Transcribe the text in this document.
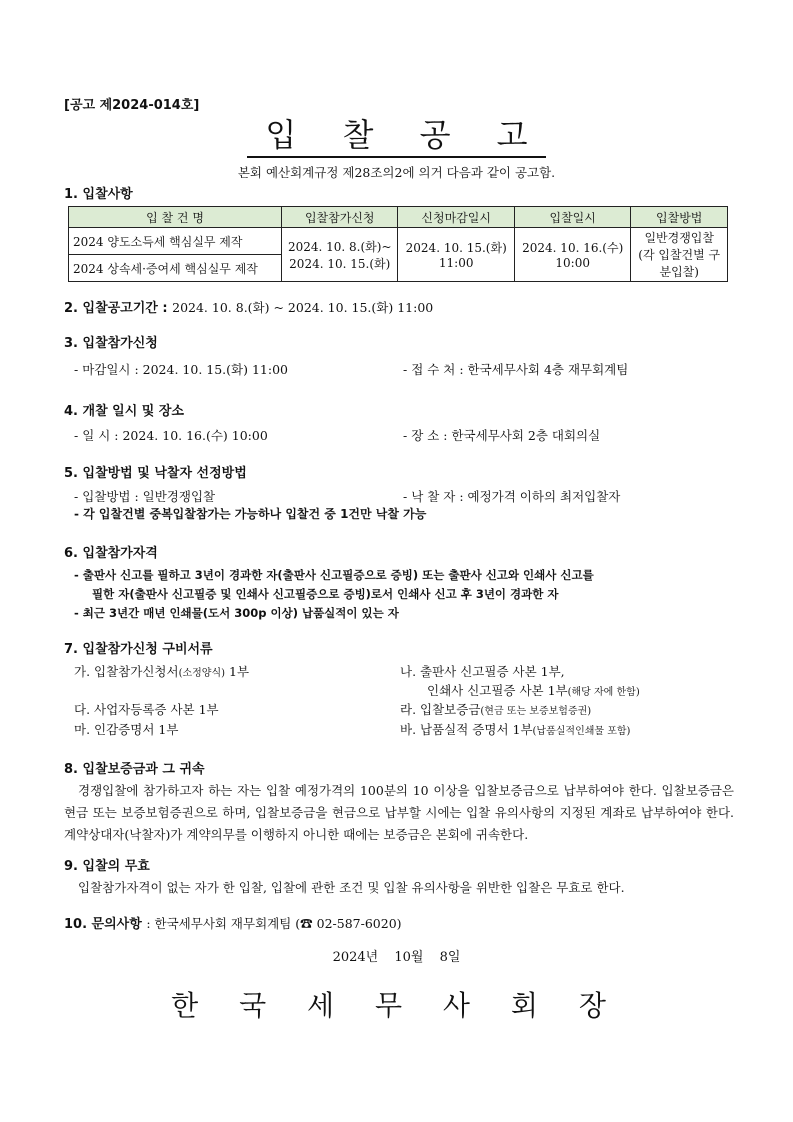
[공고 제2024-014호]
입 찰 공 고
본회 예산회계규정 제28조의2에 의거 다음과 같이 공고함.
1. 입찰사항
입 찰 건 명	입찰참가신청	신청마감일시	입찰일시	입찰방법
2024 양도소득세 핵심실무 제작	2024. 10. 8.(화)~ 2024. 10. 15.(화)	2024. 10. 15.(화) 11:00	2024. 10. 16.(수) 10:00	일반경쟁입찰 (각 입찰건별 구분입찰)
2024 상속세·증여세 핵심실무 제작				
2. 입찰공고기간 : 2024. 10. 8.(화) ~ 2024. 10. 15.(화) 11:00
3. 입찰참가신청
- 마감일시 : 2024. 10. 15.(화) 11:00	- 접 수 처 : 한국세무사회 4층 재무회계팀
4. 개찰 일시 및 장소
- 일 시 : 2024. 10. 16.(수) 10:00	- 장 소 : 한국세무사회 2층 대회의실
5. 입찰방법 및 낙찰자 선정방법
- 입찰방법 : 일반경쟁입찰	- 낙 찰 자 : 예정가격 이하의 최저입찰자
- 각 입찰건별 중복입찰참가는 가능하나 입찰건 중 1건만 낙찰 가능
6. 입찰참가자격
- 출판사 신고를 필하고 3년이 경과한 자(출판사 신고필증으로 증빙) 또는 출판사 신고와 인쇄사 신고를
필한 자(출판사 신고필증 및 인쇄사 신고필증으로 증빙)로서 인쇄사 신고 후 3년이 경과한 자
- 최근 3년간 매년 인쇄물(도서 300p 이상) 납품실적이 있는 자
7. 입찰참가신청 구비서류
가. 입찰참가신청서(소정양식) 1부	나. 출판사 신고필증 사본 1부,
인쇄사 신고필증 사본 1부(해당 자에 한함)
다. 사업자등록증 사본 1부	라. 입찰보증금(현금 또는 보증보험증권)
마. 인감증명서 1부	바. 납품실적 증명서 1부(납품실적인쇄물 포함)
8. 입찰보증금과 그 귀속
경쟁입찰에 참가하고자 하는 자는 입찰 예정가격의 100분의 10 이상을 입찰보증금으로 납부하여야 한다. 입찰보증금은 현금 또는 보증보험증권으로 하며, 입찰보증금을 현금으로 납부할 시에는 입찰 유의사항의 지정된 계좌로 납부하여야 한다. 계약상대자(낙찰자)가 계약의무를 이행하지 아니한 때에는 보증금은 본회에 귀속한다.
9. 입찰의 무효
입찰참가자격이 없는 자가 한 입찰, 입찰에 관한 조건 및 입찰 유의사항을 위반한 입찰은 무효로 한다.
10. 문의사항 : 한국세무사회 재무회계팀 (☎ 02-587-6020)
2024년 10월 8일
한 국 세 무 사 회 장
